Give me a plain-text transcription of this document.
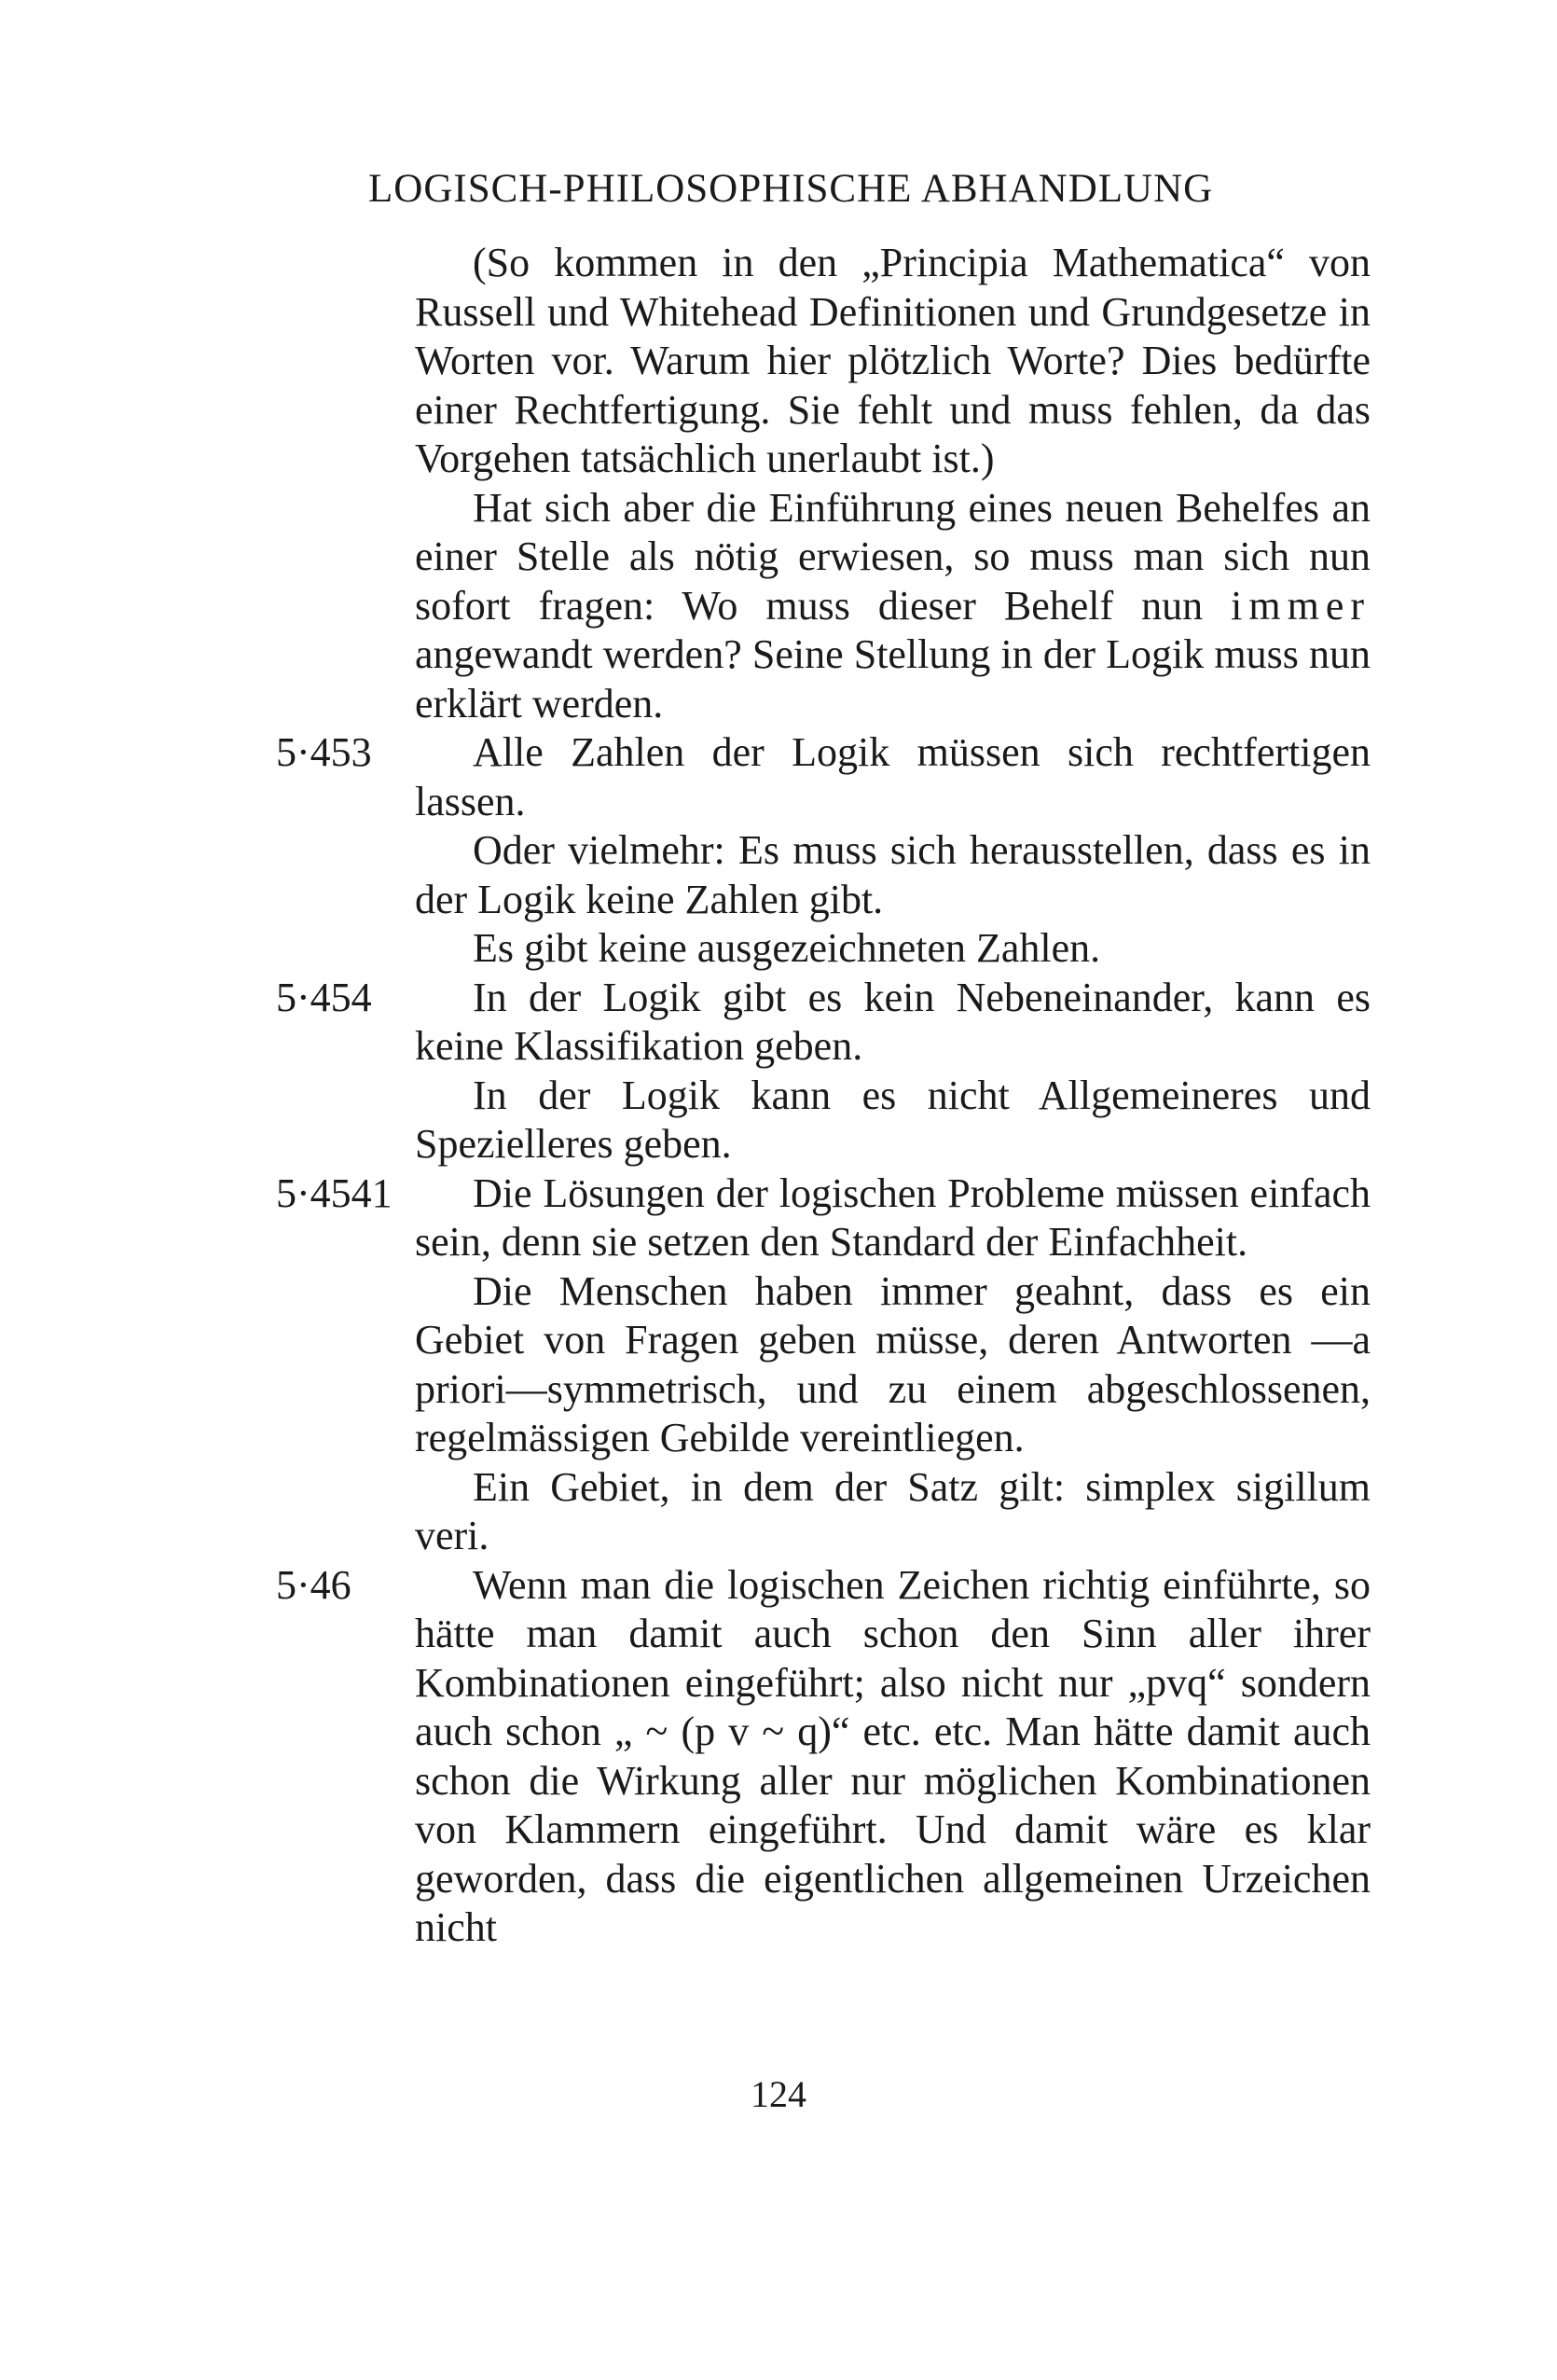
LOGISCH-PHILOSOPHISCHE ABHANDLUNG

(So kommen in den „Principia Mathematica“ von Russell und Whitehead Definitionen und Grundgesetze in Worten vor. Warum hier plötzlich Worte? Dies bedürfte einer Rechtfertigung. Sie fehlt und muss fehlen, da das Vorgehen tatsächlich unerlaubt ist.)

Hat sich aber die Einführung eines neuen Behelfes an einer Stelle als nötig erwiesen, so muss man sich nun sofort fragen: Wo muss dieser Behelf nun immer angewandt werden? Seine Stellung in der Logik muss nun erklärt werden.

5·453 Alle Zahlen der Logik müssen sich rechtfertigen lassen.

Oder vielmehr: Es muss sich herausstellen, dass es in der Logik keine Zahlen gibt.

Es gibt keine ausgezeichneten Zahlen.

5·454 In der Logik gibt es kein Nebeneinander, kann es keine Klassifikation geben.

In der Logik kann es nicht Allgemeineres und Spezielleres geben.

5·4541 Die Lösungen der logischen Probleme müssen einfach sein, denn sie setzen den Standard der Einfachheit.

Die Menschen haben immer geahnt, dass es ein Gebiet von Fragen geben müsse, deren Antworten —a priori—symmetrisch, und zu einem abgeschlossenen, regelmässigen Gebilde vereintliegen.

Ein Gebiet, in dem der Satz gilt: simplex sigillum veri.

5·46	Wenn man die logischen Zeichen richtig einführte, so hätte man damit auch schon den Sinn aller ihrer Kombinationen eingeführt; also nicht nur „pvq“ sondern auch schon „ ~ (p v ~ q)“ etc. etc. Man hätte damit auch schon die Wirkung aller nur möglichen Kombinationen von Klammern eingeführt. Und damit wäre es klar geworden, dass die eigentlichen allgemeinen Urzeichen nicht

124
